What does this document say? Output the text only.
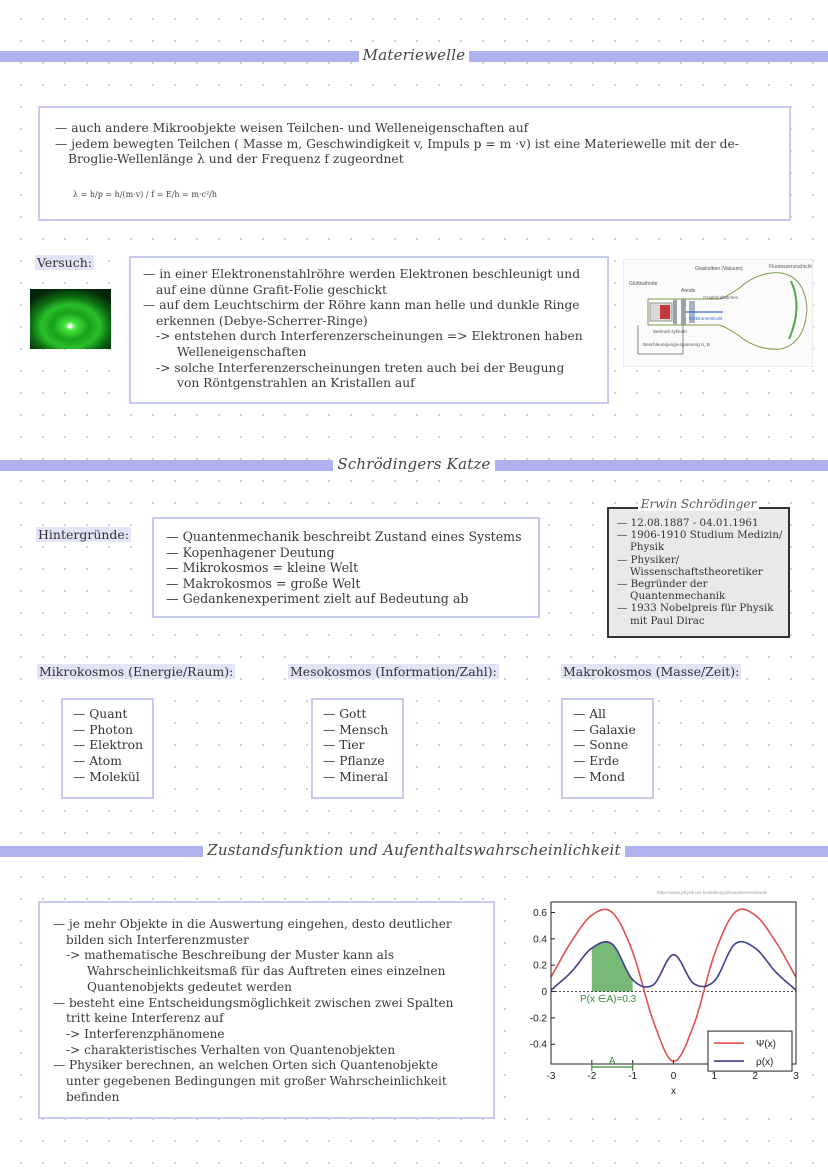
Materiewelle
— auch andere Mikroobjekte weisen Teilchen- und Welleneigenschaften auf
— jedem bewegten Teilchen ( Masse m, Geschwindigkeit v, Impuls p = m ·v) ist eine Materiewelle mit der de-
Broglie-Wellenlänge λ und der Frequenz f zugeordnet
λ = h/p = h/(m·v) / f = E/h = m·c²/h
Versuch:
— in einer Elektronenstahlröhre werden Elektronen beschleunigt und
auf eine dünne Grafit-Folie geschickt
— auf dem Leuchtschirm der Röhre kann man helle und dunkle Ringe
erkennen (Debye-Scherrer-Ringe)
-> entstehen durch Interferenzerscheinungen => Elektronen haben
Welleneigenschaften
-> solche Interferenzerscheinungen treten auch bei der Beugung
von Röntgenstrahlen an Kristallen auf
Glühkathode
Glaskolben (Vakuum)	Fluoreszenzschicht
Anode
Graphit-plättchen
Wehnelt-zylinder
Elektronenstrahl
Beschleunigungs-spannung U_B
Schrödingers Katze
Hintergründe:	— Quantenmechanik beschreibt Zustand eines Systems
— Kopenhagener Deutung
— Mikrokosmos = kleine Welt
— Makrokosmos = große Welt
— Gedankenexperiment zielt auf Bedeutung ab
Erwin Schrödinger
— 12.08.1887 - 04.01.1961
— 1906-1910 Studium Medizin/
Physik
— Physiker/
Wissenschaftstheoretiker
— Begründer der
Quantenmechanik
— 1933 Nobelpreis für Physik
mit Paul Dirac
Mikrokosmos (Energie/Raum):	Mesokosmos (Information/Zahl):	Makrokosmos (Masse/Zeit):
— Quant
— Photon
— Elektron
— Atom
— Molekül
— Gott
— Mensch
— Tier
— Pflanze
— Mineral
— All
— Galaxie
— Sonne
— Erde
— Mond
Zustandsfunktion und Aufenthaltswahrscheinlichkeit
— je mehr Objekte in die Auswertung eingehen, desto deutlicher
bilden sich Interferenzmuster
-> mathematische Beschreibung der Muster kann als
Wahrscheinlichkeitsmaß für das Auftreten eines einzelnen
Quantenobjekts gedeutet werden
— besteht eine Entscheidungsmöglichkeit zwischen zwei Spalten
tritt keine Interferenz auf
-> Interferenzphänomene
-> charakteristisches Verhalten von Quantenobjekten
— Physiker berechnen, an welchen Orten sich Quantenobjekte
unter gegebenen Bedingungen mit großer Wahrscheinlichkeit
befinden
https://www.physik.uni-heidelberg.de/quantenmechanik
0.6
0.4
0.2
0
-0.2
-0.4
-3	-2	-1	0	1	2	3
x
P(x ∈A)=0.3
A
Ψ(x)
ρ(x)
